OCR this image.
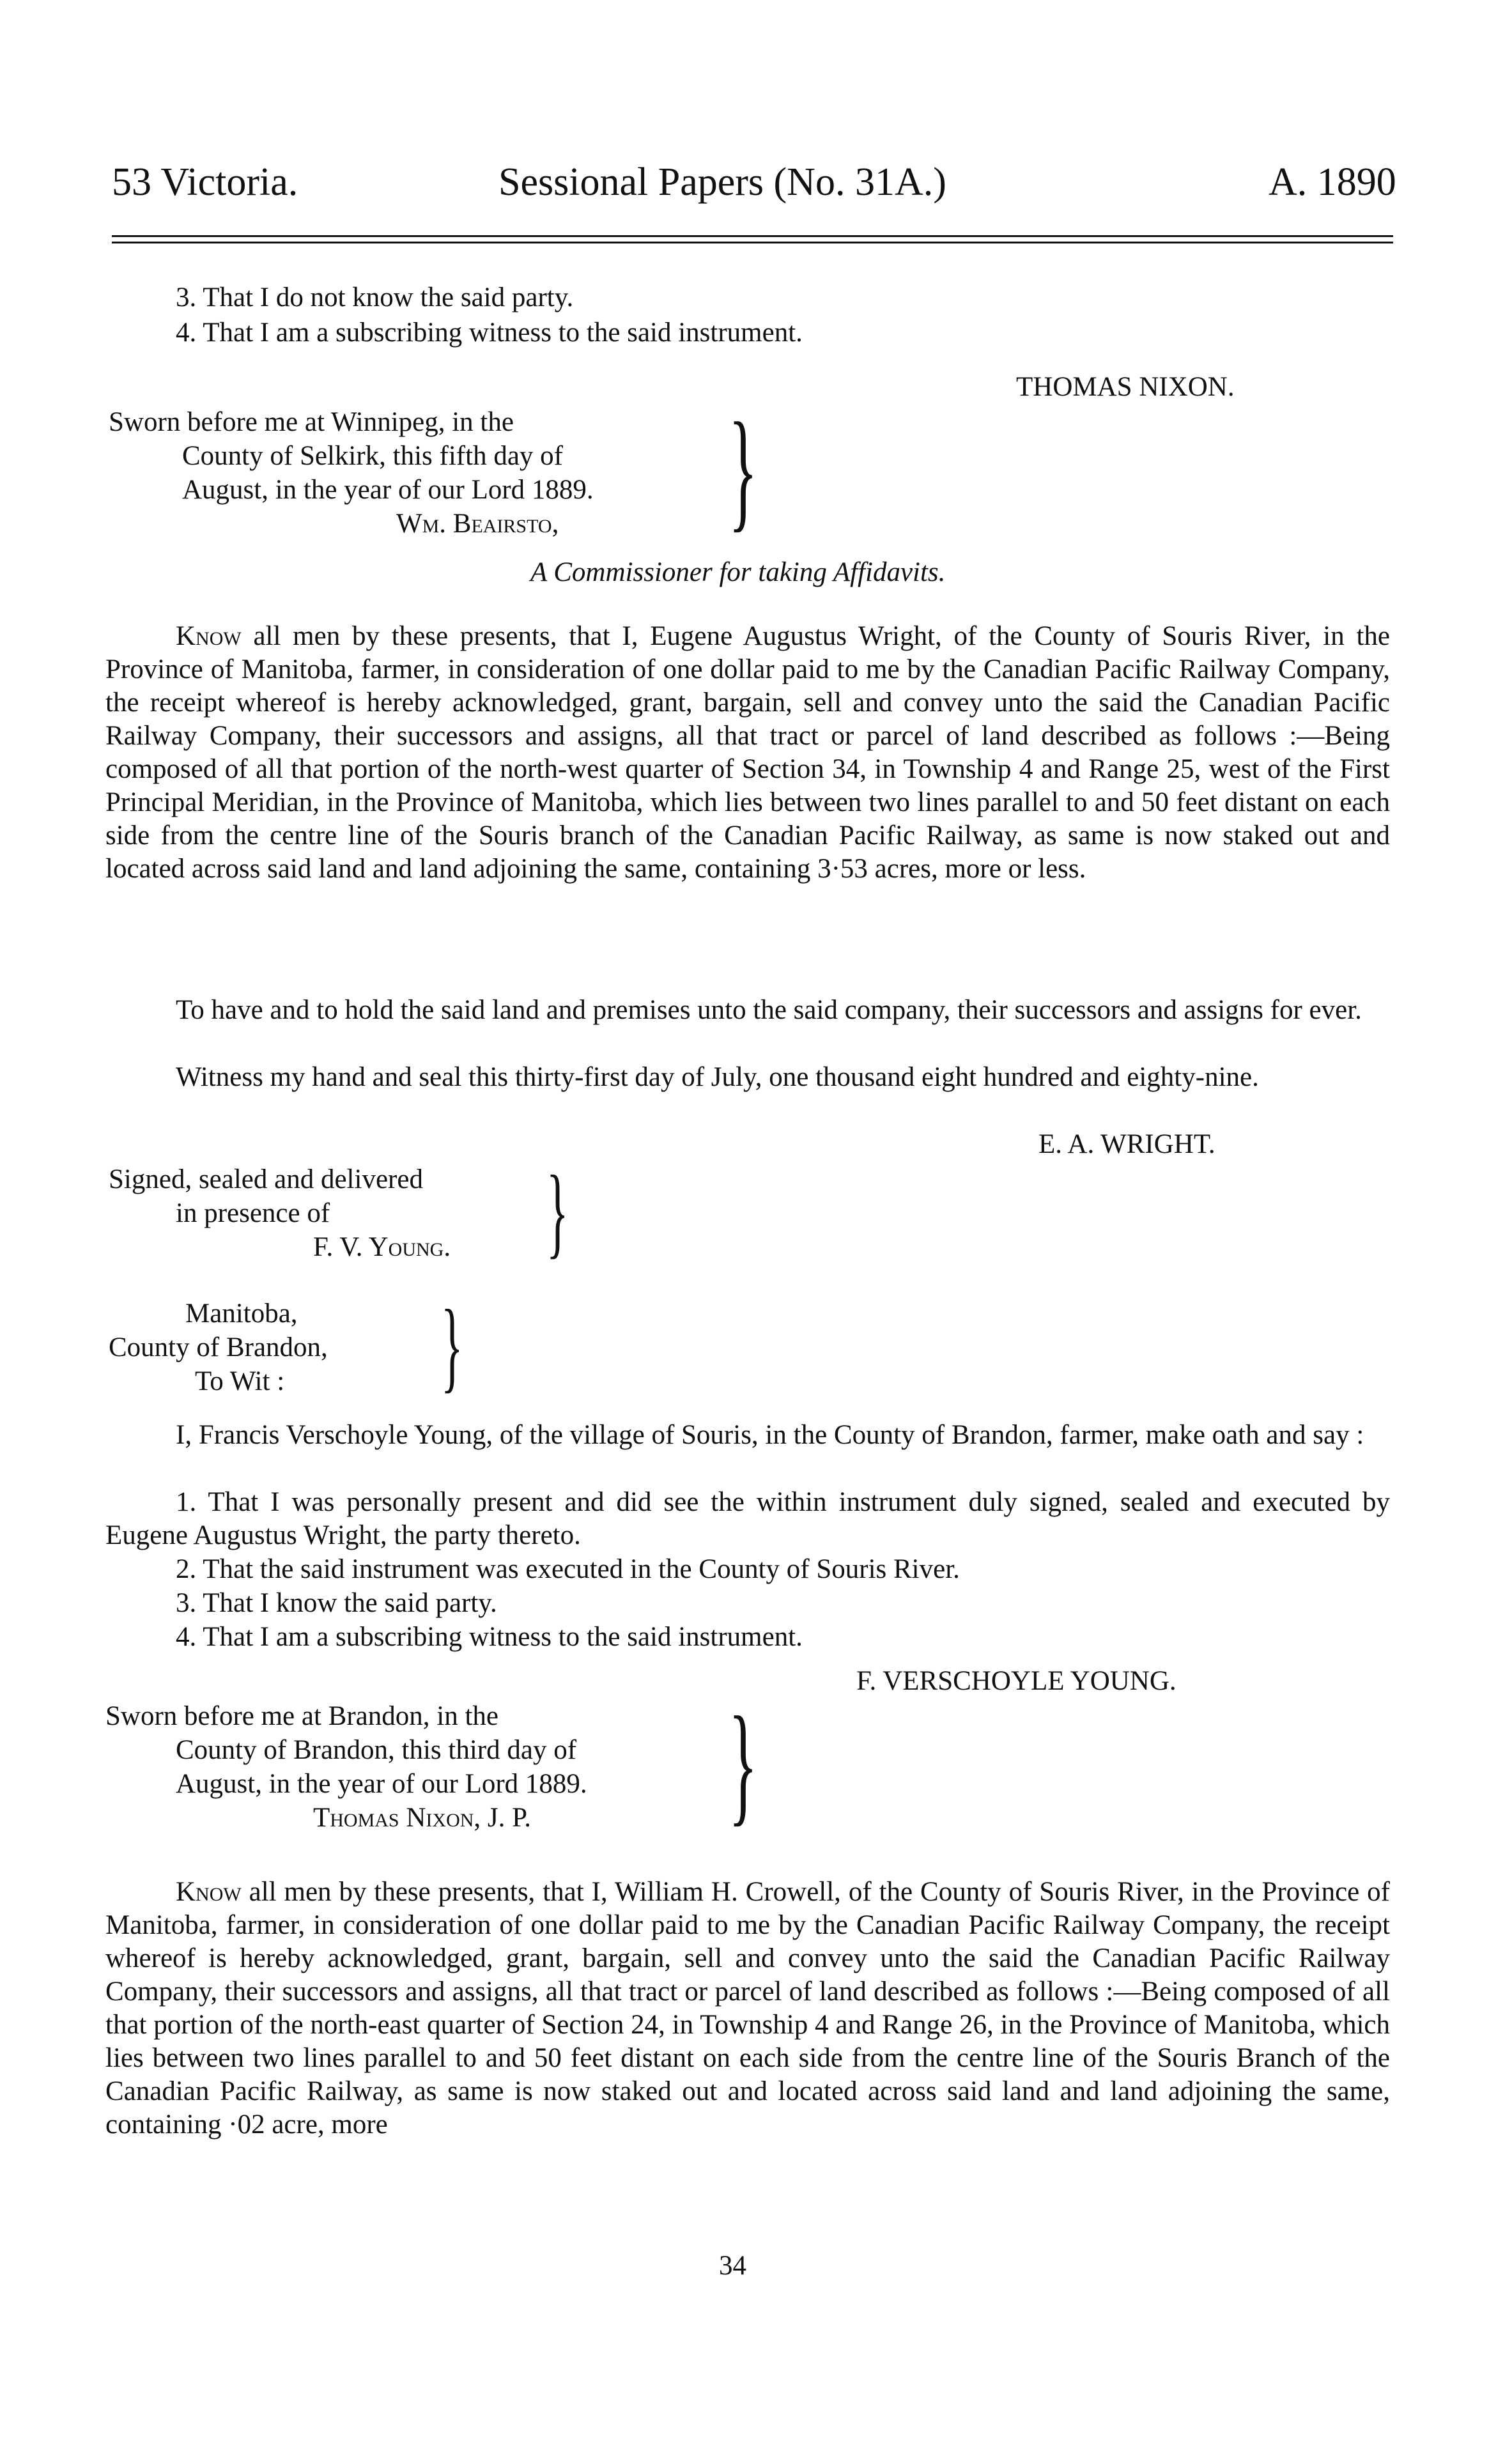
53 Victoria.	Sessional Papers (No. 31A.)	A. 1890
3. That I do not know the said party.
4. That I am a subscribing witness to the said instrument.
THOMAS NIXON.
Sworn before me at Winnipeg, in the
County of Selkirk, this fifth day of
August, in the year of our Lord 1889.
Wm. Beairsto, }
A Commissioner for taking Affidavits.
Know all men by these presents, that I, Eugene Augustus Wright, of the County of Souris River, in the Province of Manitoba, farmer, in consideration of one dollar paid to me by the Canadian Pacific Railway Company, the receipt whereof is hereby acknowledged, grant, bargain, sell and convey unto the said the Canadian Pacific Railway Company, their successors and assigns, all that tract or parcel of land described as follows :—Being composed of all that portion of the north-west quarter of Section 34, in Township 4 and Range 25, west of the First Principal Meridian, in the Province of Manitoba, which lies between two lines parallel to and 50 feet distant on each side from the centre line of the Souris branch of the Canadian Pacific Railway, as same is now staked out and located across said land and land adjoining the same, containing 3·53 acres, more or less.
To have and to hold the said land and premises unto the said company, their successors and assigns for ever.
Witness my hand and seal this thirty-first day of July, one thousand eight hundred and eighty-nine.
E. A. WRIGHT.
Signed, sealed and delivered
in presence of
F. V. Young. }
Manitoba,
County of Brandon,
To Wit : }
I, Francis Verschoyle Young, of the village of Souris, in the County of Brandon, farmer, make oath and say :
1. That I was personally present and did see the within instrument duly signed, sealed and executed by Eugene Augustus Wright, the party thereto.
2. That the said instrument was executed in the County of Souris River.
3. That I know the said party.
4. That I am a subscribing witness to the said instrument.
F. VERSCHOYLE YOUNG.
Sworn before me at Brandon, in the
County of Brandon, this third day of
August, in the year of our Lord 1889.
Thomas Nixon, J. P. }
Know all men by these presents, that I, William H. Crowell, of the County of Souris River, in the Province of Manitoba, farmer, in consideration of one dollar paid to me by the Canadian Pacific Railway Company, the receipt whereof is hereby acknowledged, grant, bargain, sell and convey unto the said the Canadian Pacific Railway Company, their successors and assigns, all that tract or parcel of land described as follows :—Being composed of all that portion of the north-east quarter of Section 24, in Township 4 and Range 26, in the Province of Manitoba, which lies between two lines parallel to and 50 feet distant on each side from the centre line of the Souris Branch of the Canadian Pacific Railway, as same is now staked out and located across said land and land adjoining the same, containing ·02 acre, more
34
